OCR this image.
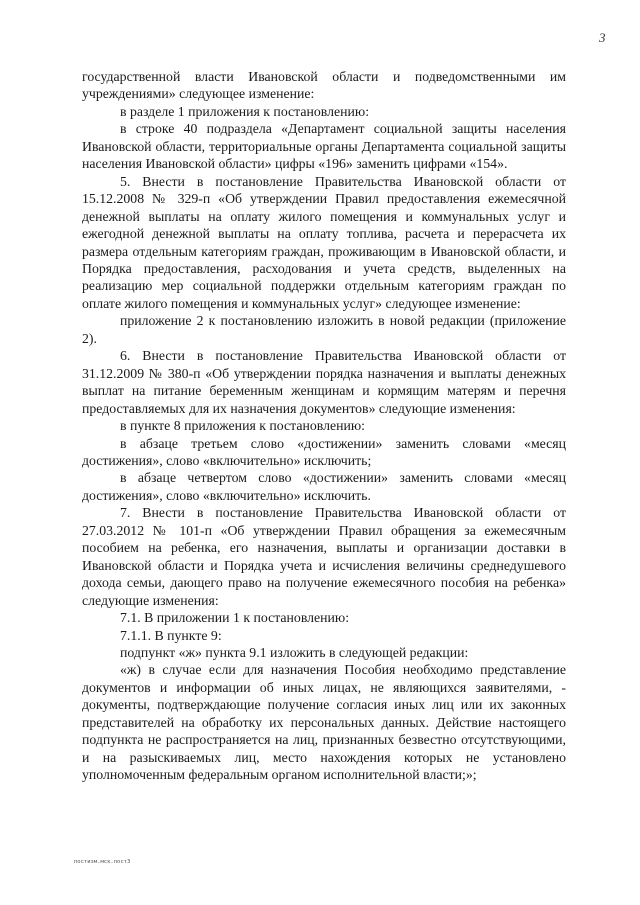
3

государственной власти Ивановской области и подведомственными им учреждениями» следующее изменение:

в разделе 1 приложения к постановлению:

в строке 40 подраздела «Департамент социальной защиты населения Ивановской области, территориальные органы Департамента социальной защиты населения Ивановской области» цифры «196» заменить цифрами «154».

5. Внести в постановление Правительства Ивановской области от 15.12.2008 № 329-п «Об утверждении Правил предоставления ежемесячной денежной выплаты на оплату жилого помещения и коммунальных услуг и ежегодной денежной выплаты на оплату топлива, расчета и перерасчета их размера отдельным категориям граждан, проживающим в Ивановской области, и Порядка предоставления, расходования и учета средств, выделенных на реализацию мер социальной поддержки отдельным категориям граждан по оплате жилого помещения и коммунальных услуг» следующее изменение:

приложение 2 к постановлению изложить в новой редакции (приложение 2).

6. Внести в постановление Правительства Ивановской области от 31.12.2009 № 380-п «Об утверждении порядка назначения и выплаты денежных выплат на питание беременным женщинам и кормящим матерям и перечня предоставляемых для их назначения документов» следующие изменения:

в пункте 8 приложения к постановлению:

в абзаце третьем слово «достижении» заменить словами «месяц достижения», слово «включительно» исключить;

в абзаце четвертом слово «достижении» заменить словами «месяц достижения», слово «включительно» исключить.

7. Внести в постановление Правительства Ивановской области от 27.03.2012 № 101-п «Об утверждении Правил обращения за ежемесячным пособием на ребенка, его назначения, выплаты и организации доставки в Ивановской области и Порядка учета и исчисления величины среднедушевого дохода семьи, дающего право на получение ежемесячного пособия на ребенка» следующие изменения:

7.1. В приложении 1 к постановлению:

7.1.1. В пункте 9:

подпункт «ж» пункта 9.1 изложить в следующей редакции:

«ж) в случае если для назначения Пособия необходимо представление документов и информации об иных лицах, не являющихся заявителями, - документы, подтверждающие получение согласия иных лиц или их законных представителей на обработку их персональных данных. Действие настоящего подпункта не распространяется на лиц, признанных безвестно отсутствующими, и на разыскиваемых лиц, место нахождения которых не установлено уполномоченным федеральным органом исполнительной власти;»;

постизм.мск.пост3
